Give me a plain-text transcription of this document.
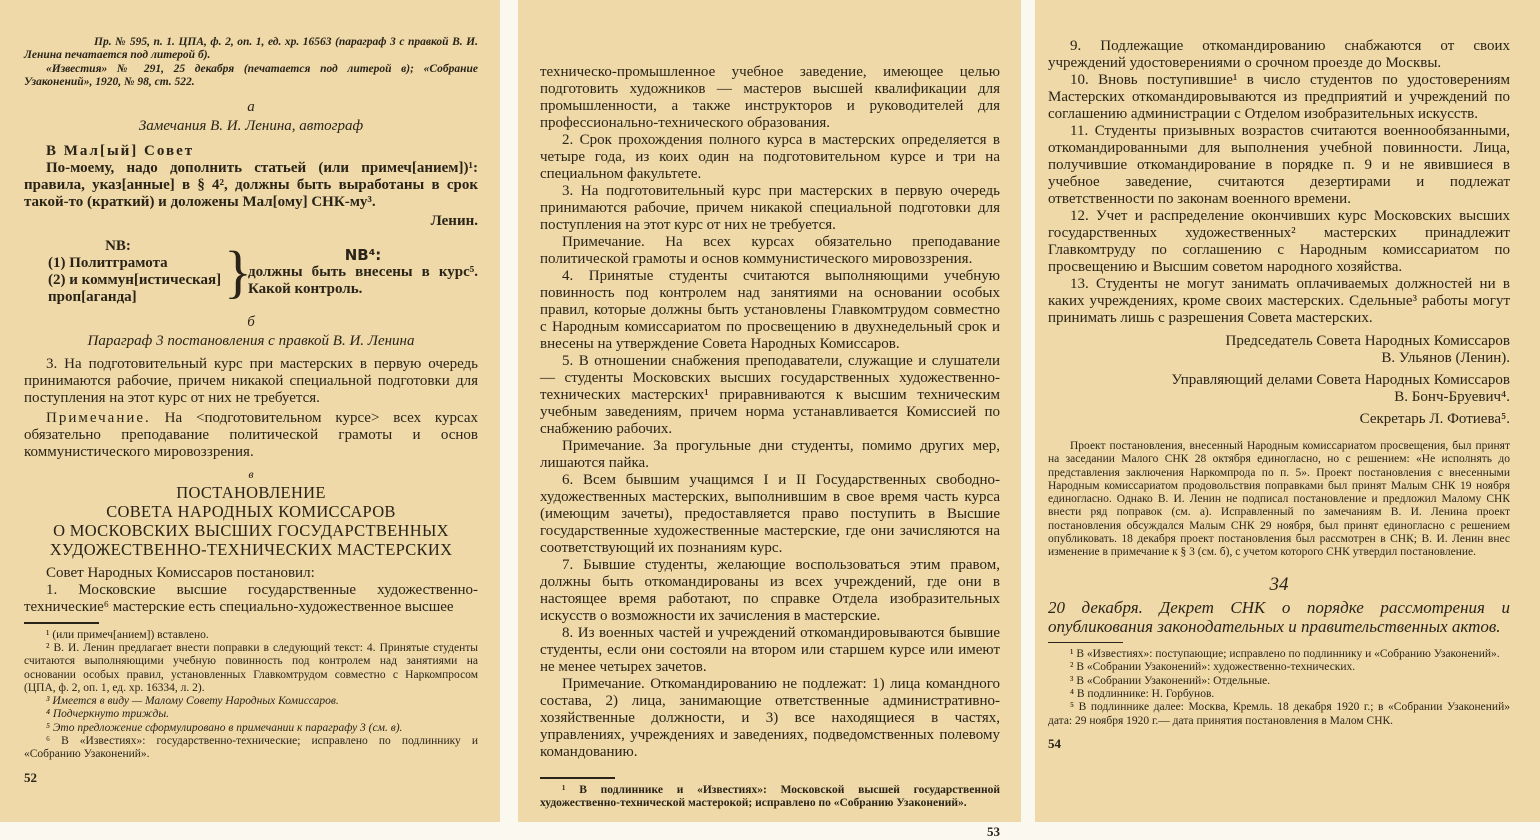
Пр. № 595, п. 1. ЦПА, ф. 2, оп. 1, ед. хр. 16563 (параграф 3 с правкой В. И. Ленина печатается под литерой б).

«Известия» № 291, 25 декабря (печатается под литерой в); «Собрание Узаконений», 1920, № 98, ст. 522.

а
Замечания В. И. Ленина, автограф

В Мал[ый] Совет

По-моему, надо дополнить статьей (или примеч[анием])¹: правила, указ[анные] в § 4², должны быть выработаны в срок такой-то (краткий) и доложены Мал[ому] СНК-му³.

Ленин.

NB:
(1) Политграмота
(2) и коммун[истическая]
проп[аганда]	}	NB⁴:
должны быть внесены в курс⁵. Какой контроль.
б
Параграф 3 постановления с правкой В. И. Ленина

3. На подготовительный курс при мастерских в первую очередь принимаются рабочие, причем никакой специальной подготовки для поступления на этот курс от них не требуется.

Примечание. На <подготовительном курсе> всех курсах обязательно преподавание политической грамоты и основ коммунистического мировоззрения.

в
ПОСТАНОВЛЕНИЕ
СОВЕТА НАРОДНЫХ КОМИССАРОВ
О МОСКОВСКИХ ВЫСШИХ ГОСУДАРСТВЕННЫХ
ХУДОЖЕСТВЕННО-ТЕХНИЧЕСКИХ МАСТЕРСКИХ

Совет Народных Комиссаров постановил:

1. Московские высшие государственные художественно-технические⁶ мастерские есть специально-художественное высшее

¹ (или примеч[анием]) вставлено.

² В. И. Ленин предлагает внести поправки в следующий текст: 4. Принятые студенты считаются выполняющими учебную повинность под контролем над занятиями на основании особых правил, установленных Главкомтрудом совместно с Наркомпросом (ЦПА, ф. 2, оп. 1, ед. хр. 16334, л. 2).

³ Имеется в виду — Малому Совету Народных Комиссаров.

⁴ Подчеркнуто трижды.

⁵ Это предложение сформулировано в примечании к параграфу 3 (см. в).

⁶ В «Известиях»: государственно-технические; исправлено по подлиннику и «Собранию Узаконений».

52

техническо-промышленное учебное заведение, имеющее целью подготовить художников — мастеров высшей квалификации для промышленности, а также инструкторов и руководителей для профессионально-технического образования.

2. Срок прохождения полного курса в мастерских определяется в четыре года, из коих один на подготовительном курсе и три на специальном факультете.

3. На подготовительный курс при мастерских в первую очередь принимаются рабочие, причем никакой специальной подготовки для поступления на этот курс от них не требуется.

Примечание. На всех курсах обязательно преподавание политической грамоты и основ коммунистического мировоззрения.

4. Принятые студенты считаются выполняющими учебную повинность под контролем над занятиями на основании особых правил, которые должны быть установлены Главкомтрудом совместно с Народным комиссариатом по просвещению в двухнедельный срок и внесены на утверждение Совета Народных Комиссаров.

5. В отношении снабжения преподаватели, служащие и слушатели — студенты Московских высших государственных художественно-технических мастерских¹ приравниваются к высшим техническим учебным заведениям, причем норма устанавливается Комиссией по снабжению рабочих.

Примечание. За прогульные дни студенты, помимо других мер, лишаются пайка.

6. Всем бывшим учащимся I и II Государственных свободно-художественных мастерских, выполнившим в свое время часть курса (имеющим зачеты), предоставляется право поступить в Высшие государственные художественные мастерские, где они зачисляются на соответствующий их познаниям курс.

7. Бывшие студенты, желающие воспользоваться этим правом, должны быть откомандированы из всех учреждений, где они в настоящее время работают, по справке Отдела изобразительных искусств о возможности их зачисления в мастерские.

8. Из военных частей и учреждений откомандировываются бывшие студенты, если они состояли на втором или старшем курсе или имеют не менее четырех зачетов.

Примечание. Откомандированию не подлежат: 1) лица командного состава, 2) лица, занимающие ответственные административно-хозяйственные должности, и 3) все находящиеся в частях, управлениях, учреждениях и заведениях, подведомственных полевому командованию.

¹ В подлиннике и «Известиях»: Московской высшей государственной художественно-технической мастерокой; исправлено по «Собранию Узаконений».

53

9. Подлежащие откомандированию снабжаются от своих учреждений удостоверениями о срочном проезде до Москвы.

10. Вновь поступившие¹ в число студентов по удостоверениям Мастерских откомандировываются из предприятий и учреждений по соглашению администрации с Отделом изобразительных искусств.

11. Студенты призывных возрастов считаются военнообязанными, откомандированными для выполнения учебной повинности. Лица, получившие откомандирование в порядке п. 9 и не явившиеся в учебное заведение, считаются дезертирами и подлежат ответственности по законам военного времени.

12. Учет и распределение окончивших курс Московских высших государственных художественных² мастерских принадлежит Главкомтруду по соглашению с Народным комиссариатом по просвещению и Высшим советом народного хозяйства.

13. Студенты не могут занимать оплачиваемых должностей ни в каких учреждениях, кроме своих мастерских. Сдельные³ работы могут принимать лишь с разрешения Совета мастерских.

Председатель Совета Народных Комиссаров
В. Ульянов (Ленин).
Управляющий делами Совета Народных Комиссаров
В. Бонч-Бруевич⁴.
Секретарь Л. Фотиева⁵.

Проект постановления, внесенный Народным комиссариатом просвещения, был принят на заседании Малого СНК 28 октября единогласно, но с решением: «Не исполнять до представления заключения Наркомпрода по п. 5». Проект постановления с внесенными Народным комиссариатом продовольствия поправками был принят Малым СНК 19 ноября единогласно. Однако В. И. Ленин не подписал постановление и предложил Малому СНК внести ряд поправок (см. а). Исправленный по замечаниям В. И. Ленина проект постановления обсуждался Малым СНК 29 ноября, был принят единогласно с решением опубликовать. 18 декабря проект постановления был рассмотрен в СНК; В. И. Ленин внес изменение в примечание к § 3 (см. б), с учетом которого СНК утвердил постановление.

34
20 декабря. Декрет СНК о порядке рассмотрения и опубликования законодательных и правительственных актов.

¹ В «Известиях»: поступающие; исправлено по подлиннику и «Собранию Узаконений».

² В «Собрании Узаконений»: художественно-технических.

³ В «Собрании Узаконений»: Отдельные.

⁴ В подлиннике: Н. Горбунов.

⁵ В подлиннике далее: Москва, Кремль. 18 декабря 1920 г.; в «Собрании Узаконений» дата: 29 ноября 1920 г.— дата принятия постановления в Малом СНК.

54
